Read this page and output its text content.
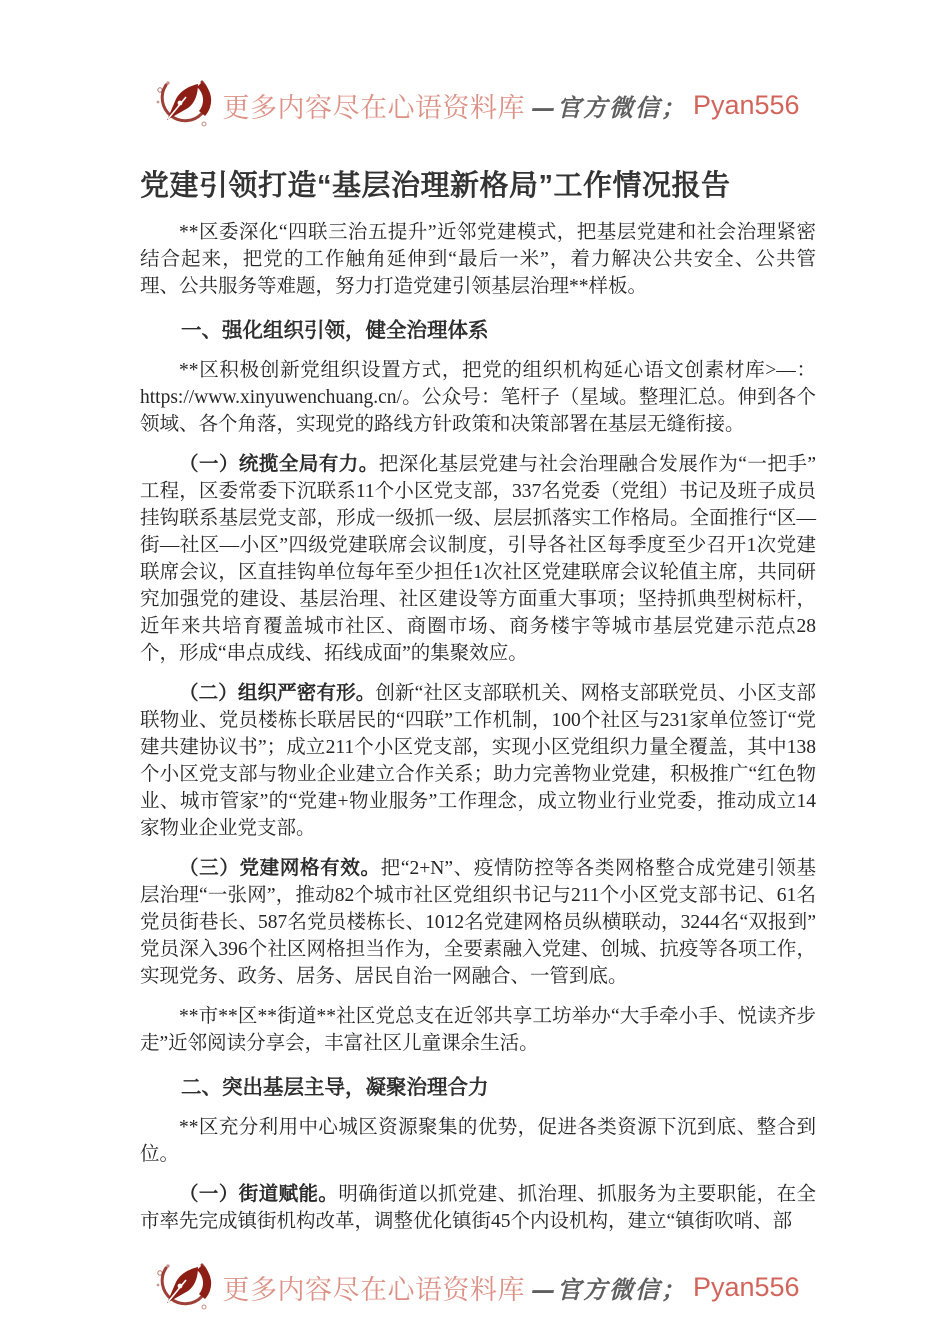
更多内容尽在心语资料库 —官方微信； Pyan556
党建引领打造“基层治理新格局”工作情况报告

**区委深化“四联三治五提升”近邻党建模式，把基层党建和社会治理紧密结合起来，把党的工作触角延伸到“最后一米”，着力解决公共安全、公共管理、公共服务等难题，努力打造党建引领基层治理**样板。

一、强化组织引领，健全治理体系

**区积极创新党组织设置方式，把党的组织机构延心语文创素材库>—：https://www.xinyuwenchuang.cn/。公众号：笔杆子（星域。整理汇总。伸到各个领域、各个角落，实现党的路线方针政策和决策部署在基层无缝衔接。

（一）统揽全局有力。把深化基层党建与社会治理融合发展作为“一把手”工程，区委常委下沉联系11个小区党支部，337名党委（党组）书记及班子成员挂钩联系基层党支部，形成一级抓一级、层层抓落实工作格局。全面推行“区—街—社区—小区”四级党建联席会议制度，引导各社区每季度至少召开1次党建联席会议，区直挂钩单位每年至少担任1次社区党建联席会议轮值主席，共同研究加强党的建设、基层治理、社区建设等方面重大事项；坚持抓典型树标杆，近年来共培育覆盖城市社区、商圈市场、商务楼宇等城市基层党建示范点28个，形成“串点成线、拓线成面”的集聚效应。

（二）组织严密有形。创新“社区支部联机关、网格支部联党员、小区支部联物业、党员楼栋长联居民的“四联”工作机制，100个社区与231家单位签订“党建共建协议书”；成立211个小区党支部，实现小区党组织力量全覆盖，其中138个小区党支部与物业企业建立合作关系；助力完善物业党建，积极推广“红色物业、城市管家”的“党建+物业服务”工作理念，成立物业行业党委，推动成立14家物业企业党支部。

（三）党建网格有效。把“2+N”、疫情防控等各类网格整合成党建引领基层治理“一张网”，推动82个城市社区党组织书记与211个小区党支部书记、61名党员街巷长、587名党员楼栋长、1012名党建网格员纵横联动，3244名“双报到”党员深入396个社区网格担当作为，全要素融入党建、创城、抗疫等各项工作，实现党务、政务、居务、居民自治一网融合、一管到底。

**市**区**街道**社区党总支在近邻共享工坊举办“大手牵小手、悦读齐步走”近邻阅读分享会，丰富社区儿童课余生活。

二、突出基层主导，凝聚治理合力

**区充分利用中心城区资源聚集的优势，促进各类资源下沉到底、整合到位。

（一）街道赋能。明确街道以抓党建、抓治理、抓服务为主要职能，在全市率先完成镇街机构改革，调整优化镇街45个内设机构，建立“镇街吹哨、部

更多内容尽在心语资料库 —官方微信； Pyan556
